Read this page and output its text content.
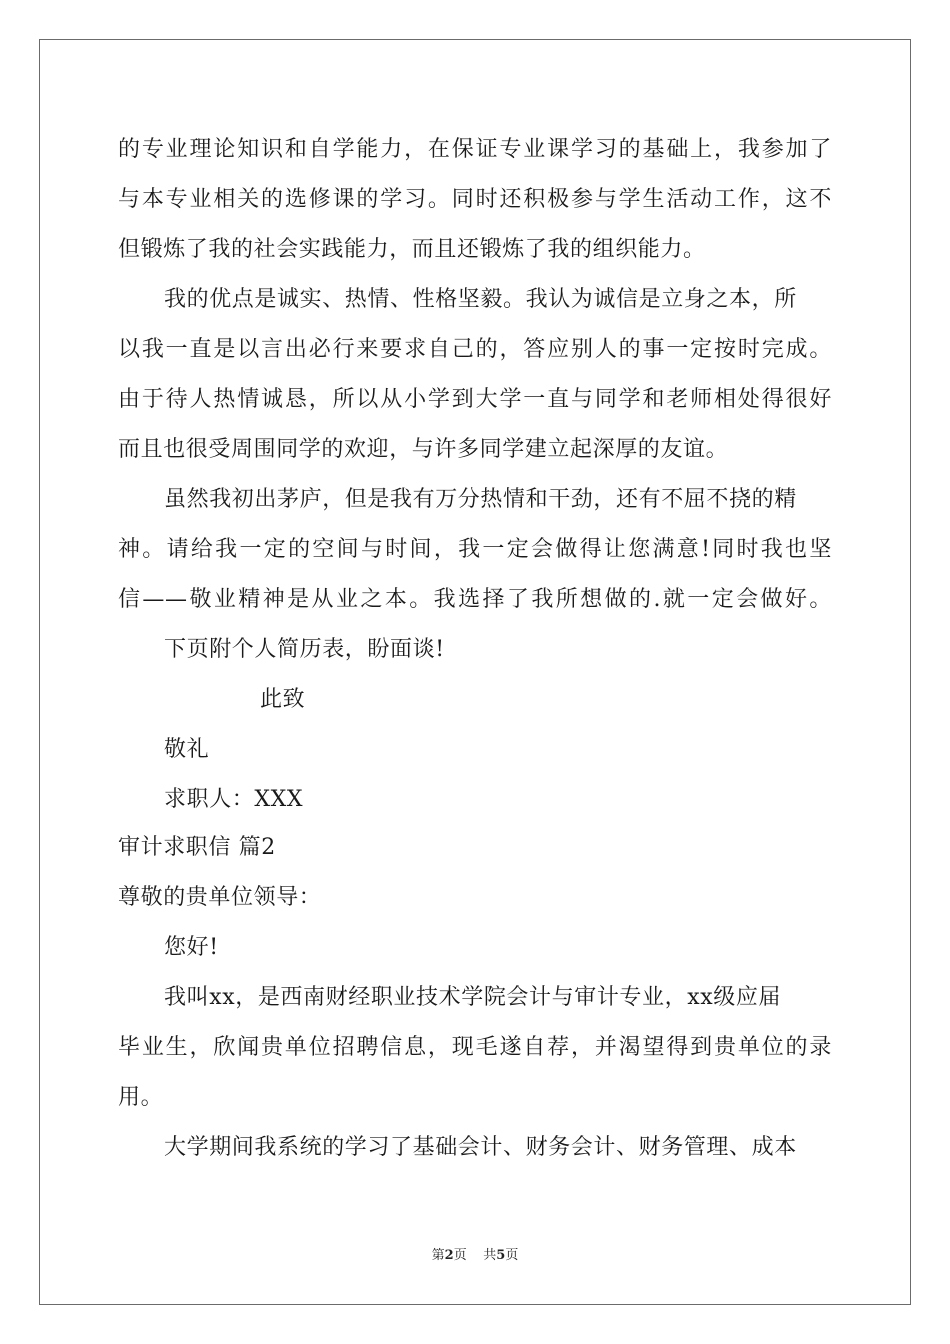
的专业理论知识和自学能力，在保证专业课学习的基础上，我参加了
与本专业相关的选修课的学习。同时还积极参与学生活动工作，这不
但锻炼了我的社会实践能力，而且还锻炼了我的组织能力。
我的优点是诚实、热情、性格坚毅。我认为诚信是立身之本，所
以我一直是以言出必行来要求自己的，答应别人的事一定按时完成。
由于待人热情诚恳，所以从小学到大学一直与同学和老师相处得很好
而且也很受周围同学的欢迎，与许多同学建立起深厚的友谊。
虽然我初出茅庐，但是我有万分热情和干劲，还有不屈不挠的精
神。请给我一定的空间与时间，我一定会做得让您满意!同时我也坚
信——敬业精神是从业之本。我选择了我所想做的.就一定会做好。
下页附个人简历表，盼面谈!
此致
敬礼
求职人：XXX
审计求职信 篇2
尊敬的贵单位领导：
您好!
我叫xx，是西南财经职业技术学院会计与审计专业，xx级应届
毕业生，欣闻贵单位招聘信息，现毛遂自荐，并渴望得到贵单位的录
用。
大学期间我系统的学习了基础会计、财务会计、财务管理、成本
第2页 共5页
